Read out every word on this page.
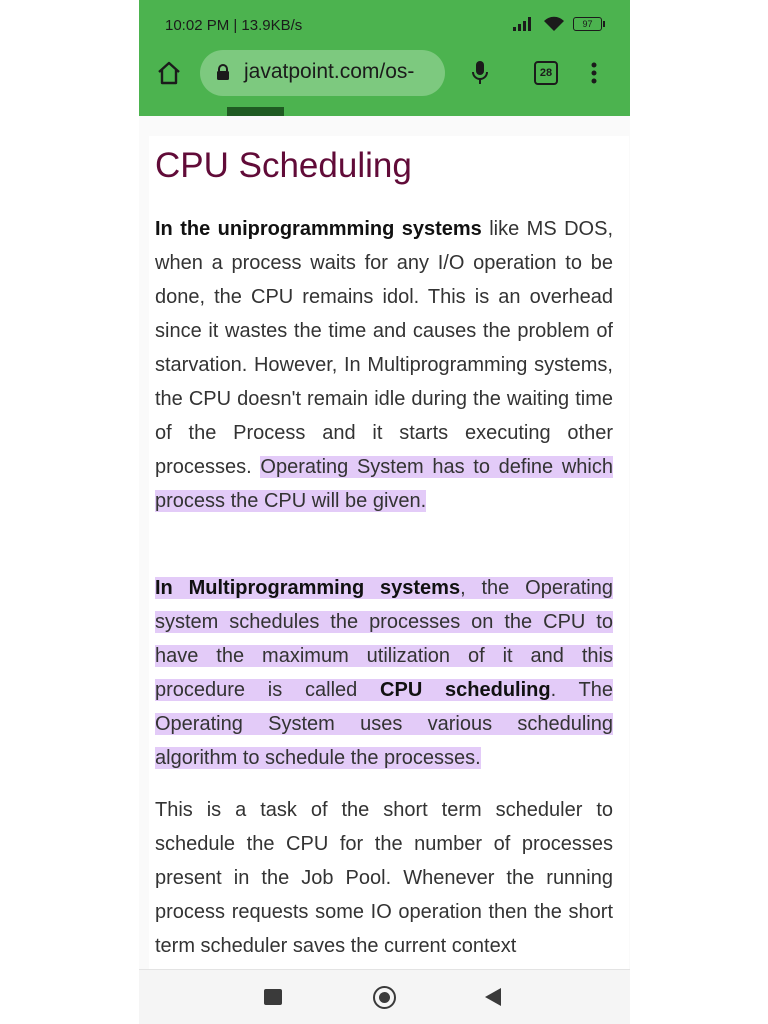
10:02 PM | 13.9KB/s	97
javatpoint.com/os-	28
CPU Scheduling

In the uniprogrammming systems like MS DOS, when a process waits for any I/O operation to be done, the CPU remains idol. This is an overhead since it wastes the time and causes the problem of starvation. However, In Multiprogramming systems, the CPU doesn't remain idle during the waiting time of the Process and it starts executing other processes. Operating System has to define which process the CPU will be given.

In Multiprogramming systems, the Operating system schedules the processes on the CPU to have the maximum utilization of it and this procedure is called CPU scheduling. The Operating System uses various scheduling algorithm to schedule the processes.

This is a task of the short term scheduler to schedule the CPU for the number of processes present in the Job Pool. Whenever the running process requests some IO operation then the short term scheduler saves the current context
